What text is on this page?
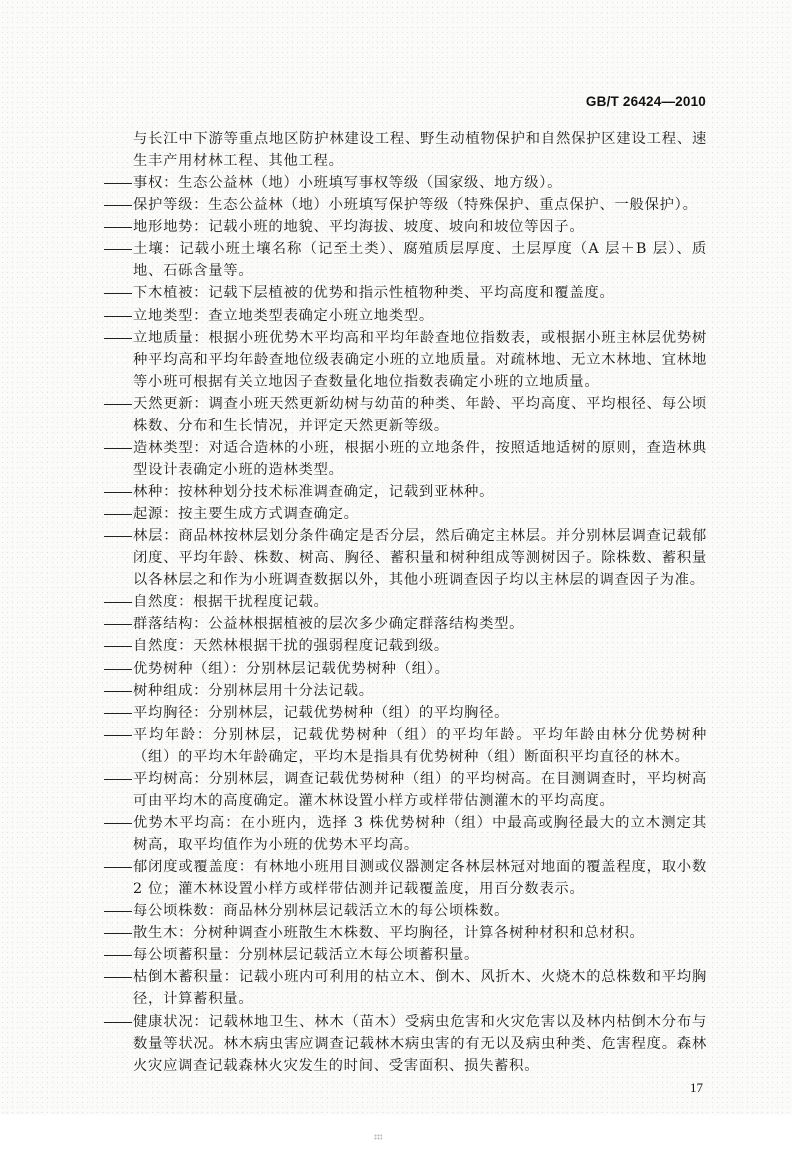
GB/T 26424—2010
与长江中下游等重点地区防护林建设工程、野生动植物保护和自然保护区建设工程、速生丰产用材林工程、其他工程。
事权：生态公益林（地）小班填写事权等级（国家级、地方级）。
保护等级：生态公益林（地）小班填写保护等级（特殊保护、重点保护、一般保护）。
地形地势：记载小班的地貌、平均海拔、坡度、坡向和坡位等因子。
土壤：记载小班土壤名称（记至土类）、腐殖质层厚度、土层厚度（A 层＋B 层）、质地、石砾含量等。
下木植被：记载下层植被的优势和指示性植物种类、平均高度和覆盖度。
立地类型：查立地类型表确定小班立地类型。
立地质量：根据小班优势木平均高和平均年龄查地位指数表，或根据小班主林层优势树种平均高和平均年龄查地位级表确定小班的立地质量。对疏林地、无立木林地、宜林地等小班可根据有关立地因子查数量化地位指数表确定小班的立地质量。
天然更新：调查小班天然更新幼树与幼苗的种类、年龄、平均高度、平均根径、每公顷株数、分布和生长情况，并评定天然更新等级。
造林类型：对适合造林的小班，根据小班的立地条件，按照适地适树的原则，查造林典型设计表确定小班的造林类型。
林种：按林种划分技术标准调查确定，记载到亚林种。
起源：按主要生成方式调查确定。
林层：商品林按林层划分条件确定是否分层，然后确定主林层。并分别林层调查记载郁闭度、平均年龄、株数、树高、胸径、蓄积量和树种组成等测树因子。除株数、蓄积量以各林层之和作为小班调查数据以外，其他小班调查因子均以主林层的调查因子为准。
自然度：根据干扰程度记载。
群落结构：公益林根据植被的层次多少确定群落结构类型。
自然度：天然林根据干扰的强弱程度记载到级。
优势树种（组）：分别林层记载优势树种（组）。
树种组成：分别林层用十分法记载。
平均胸径：分别林层，记载优势树种（组）的平均胸径。
平均年龄：分别林层，记载优势树种（组）的平均年龄。平均年龄由林分优势树种（组）的平均木年龄确定，平均木是指具有优势树种（组）断面积平均直径的林木。
平均树高：分别林层，调查记载优势树种（组）的平均树高。在目测调查时，平均树高可由平均木的高度确定。灌木林设置小样方或样带估测灌木的平均高度。
优势木平均高：在小班内，选择 3 株优势树种（组）中最高或胸径最大的立木测定其树高，取平均值作为小班的优势木平均高。
郁闭度或覆盖度：有林地小班用目测或仪器测定各林层林冠对地面的覆盖程度，取小数 2 位；灌木林设置小样方或样带估测并记载覆盖度，用百分数表示。
每公顷株数：商品林分别林层记载活立木的每公顷株数。
散生木：分树种调查小班散生木株数、平均胸径，计算各树种材积和总材积。
每公顷蓄积量：分别林层记载活立木每公顷蓄积量。
枯倒木蓄积量：记载小班内可利用的枯立木、倒木、风折木、火烧木的总株数和平均胸径，计算蓄积量。
健康状况：记载林地卫生、林木（苗木）受病虫危害和火灾危害以及林内枯倒木分布与数量等状况。林木病虫害应调查记载林木病虫害的有无以及病虫种类、危害程度。森林火灾应调查记载森林火灾发生的时间、受害面积、损失蓄积。
17
